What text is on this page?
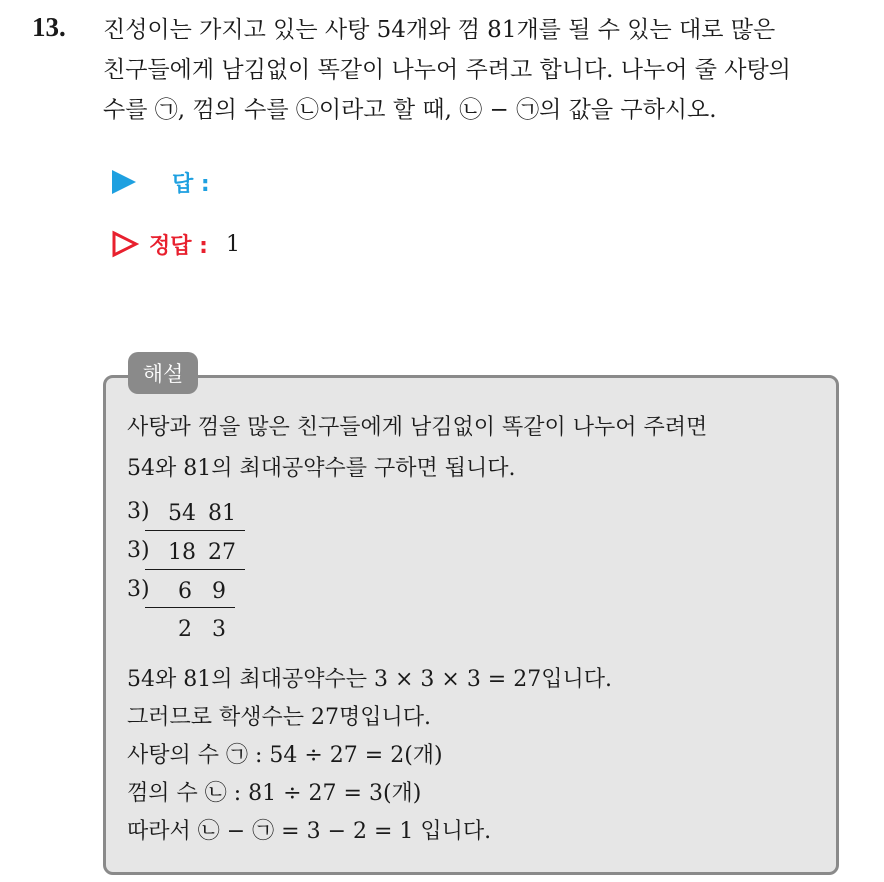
13. 진성이는 가지고 있는 사탕 54개와 껌 81개를 될 수 있는 대로 많은
친구들에게 남김없이 똑같이 나누어 주려고 합니다. 나누어 줄 사탕의
수를 ㉠, 껌의 수를 ㉡이라고 할 때, ㉡ − ㉠의 값을 구하시오.
답 :
정답 : 1
해설
사탕과 껌을 많은 친구들에게 남김없이 똑같이 나누어 주려면
54와 81의 최대공약수를 구하면 됩니다.
3)
3)
3)
54 81
18 27
6 9
2 3
54와 81의 최대공약수는 3 × 3 × 3 = 27입니다.
그러므로 학생수는 27명입니다.
사탕의 수 ㉠ : 54 ÷ 27 = 2(개)
껌의 수 ㉡ : 81 ÷ 27 = 3(개)
따라서 ㉡ − ㉠ = 3 − 2 = 1 입니다.
